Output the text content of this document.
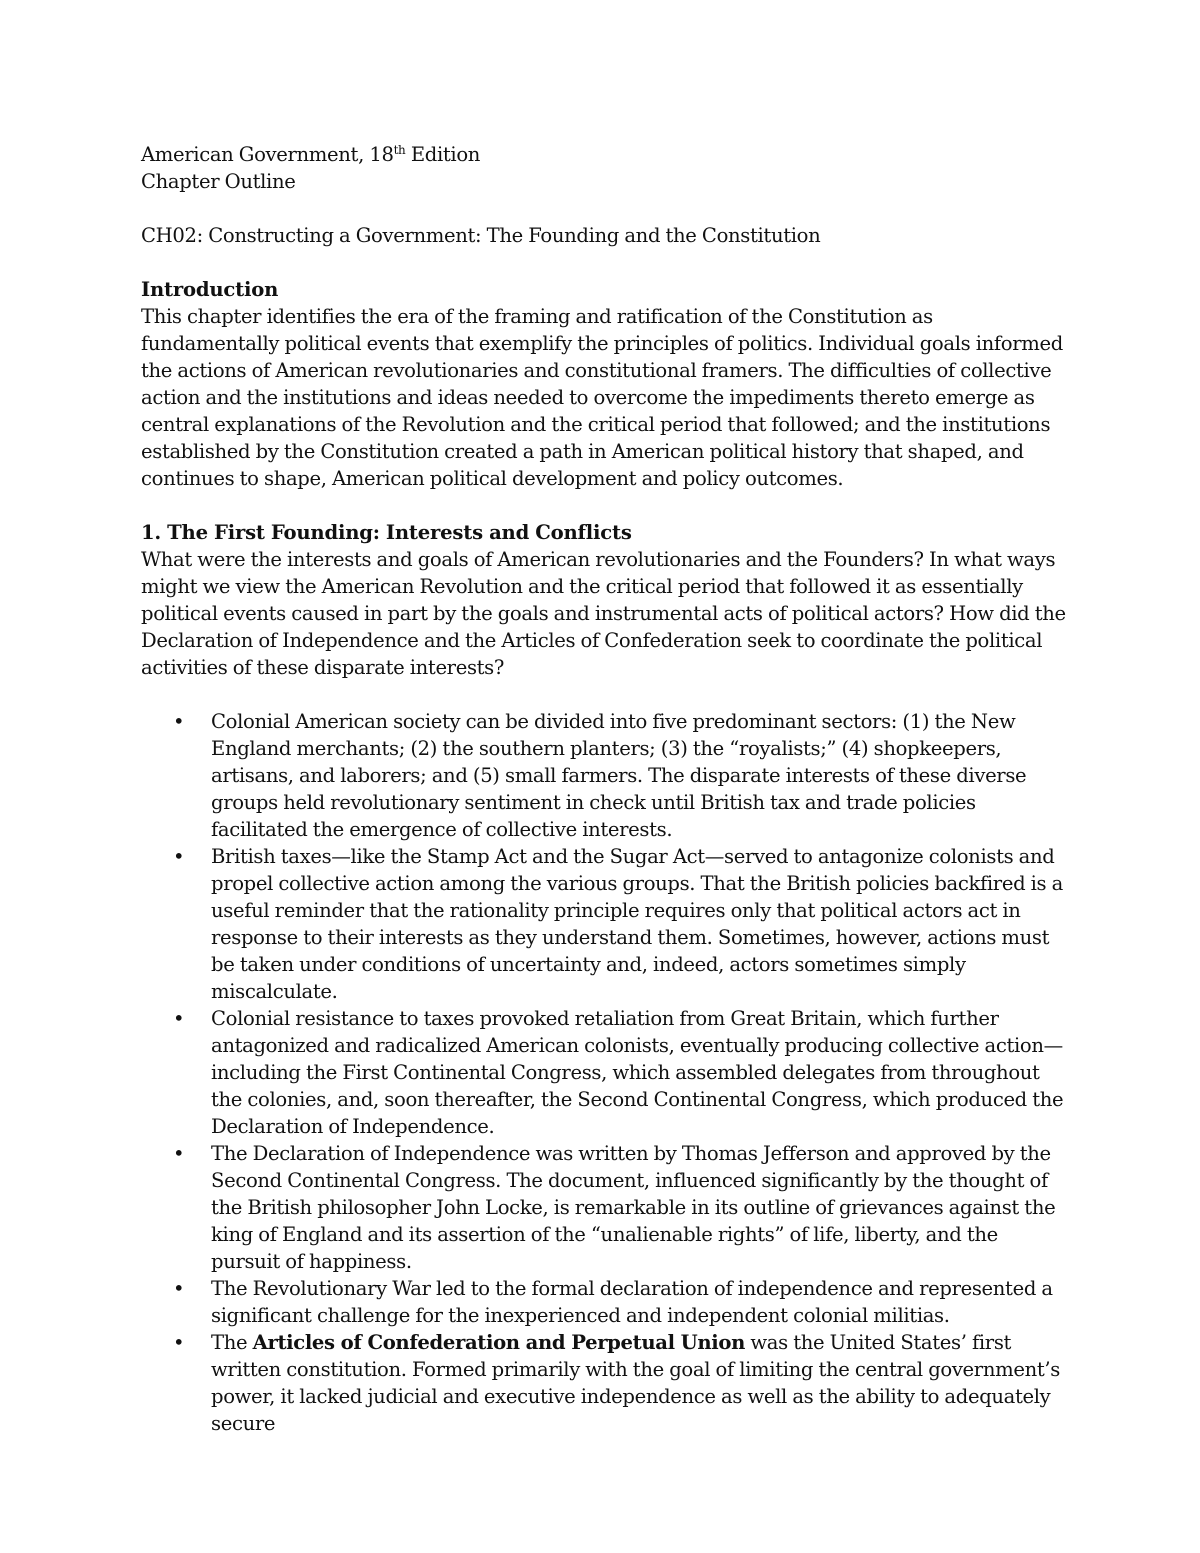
American Government, 18th Edition
Chapter Outline
CH02: Constructing a Government: The Founding and the Constitution
Introduction

This chapter identifies the era of the framing and ratification of the Constitution as fundamentally political events that exemplify the principles of politics. Individual goals informed the actions of American revolutionaries and constitutional framers. The difficulties of collective action and the institutions and ideas needed to overcome the impediments thereto emerge as central explanations of the Revolution and the critical period that followed; and the institutions established by the Constitution created a path in American political history that shaped, and continues to shape, American political development and policy outcomes.

1. The First Founding: Interests and Conflicts

What were the interests and goals of American revolutionaries and the Founders? In what ways might we view the American Revolution and the critical period that followed it as essentially political events caused in part by the goals and instrumental acts of political actors? How did the Declaration of Independence and the Articles of Confederation seek to coordinate the political activities of these disparate interests?

• Colonial American society can be divided into five predominant sectors: (1) the New England merchants; (2) the southern planters; (3) the “royalists;” (4) shopkeepers, artisans, and laborers; and (5) small farmers. The disparate interests of these diverse groups held revolutionary sentiment in check until British tax and trade policies facilitated the emergence of collective interests.
• British taxes—like the Stamp Act and the Sugar Act—served to antagonize colonists and propel collective action among the various groups. That the British policies backfired is a useful reminder that the rationality principle requires only that political actors act in response to their interests as they understand them. Sometimes, however, actions must be taken under conditions of uncertainty and, indeed, actors sometimes simply miscalculate.
• Colonial resistance to taxes provoked retaliation from Great Britain, which further antagonized and radicalized American colonists, eventually producing collective action—including the First Continental Congress, which assembled delegates from throughout the colonies, and, soon thereafter, the Second Continental Congress, which produced the Declaration of Independence.
• The Declaration of Independence was written by Thomas Jefferson and approved by the Second Continental Congress. The document, influenced significantly by the thought of the British philosopher John Locke, is remarkable in its outline of grievances against the king of England and its assertion of the “unalienable rights” of life, liberty, and the pursuit of happiness.
• The Revolutionary War led to the formal declaration of independence and represented a significant challenge for the inexperienced and independent colonial militias.
• The Articles of Confederation and Perpetual Union was the United States’ first written constitution. Formed primarily with the goal of limiting the central government’s power, it lacked judicial and executive independence as well as the ability to adequately secure
